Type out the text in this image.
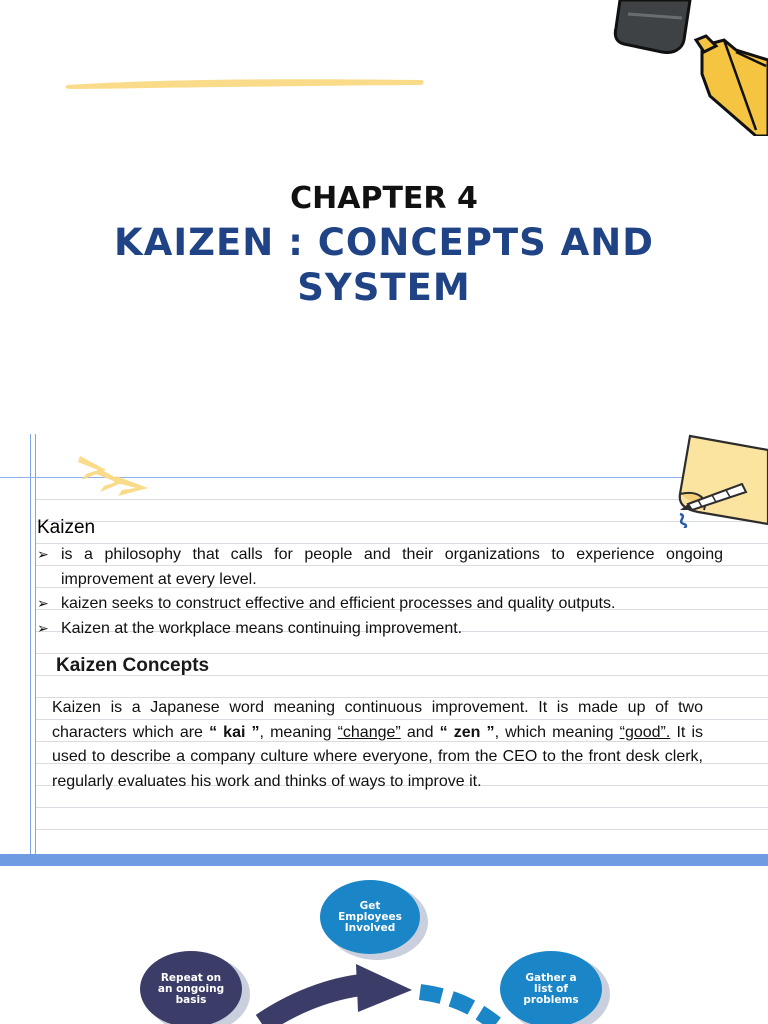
CHAPTER 4
KAIZEN : CONCEPTS AND
SYSTEM
Kaizen
➢ is a philosophy that calls for people and their organizations to experience ongoing improvement at every level.
➢ kaizen seeks to construct effective and efficient processes and quality outputs.
➢ Kaizen at the workplace means continuing improvement.
Kaizen Concepts
Kaizen is a Japanese word meaning continuous improvement. It is made up of two characters which are “ kai ”, meaning “change” and “ zen ”, which meaning “good”. It is used to describe a company culture where everyone, from the CEO to the front desk clerk, regularly evaluates his work and thinks of ways to improve it.
Get
Employees
Involved
Repeat on
an ongoing
basis
Gather a
list of
problems
